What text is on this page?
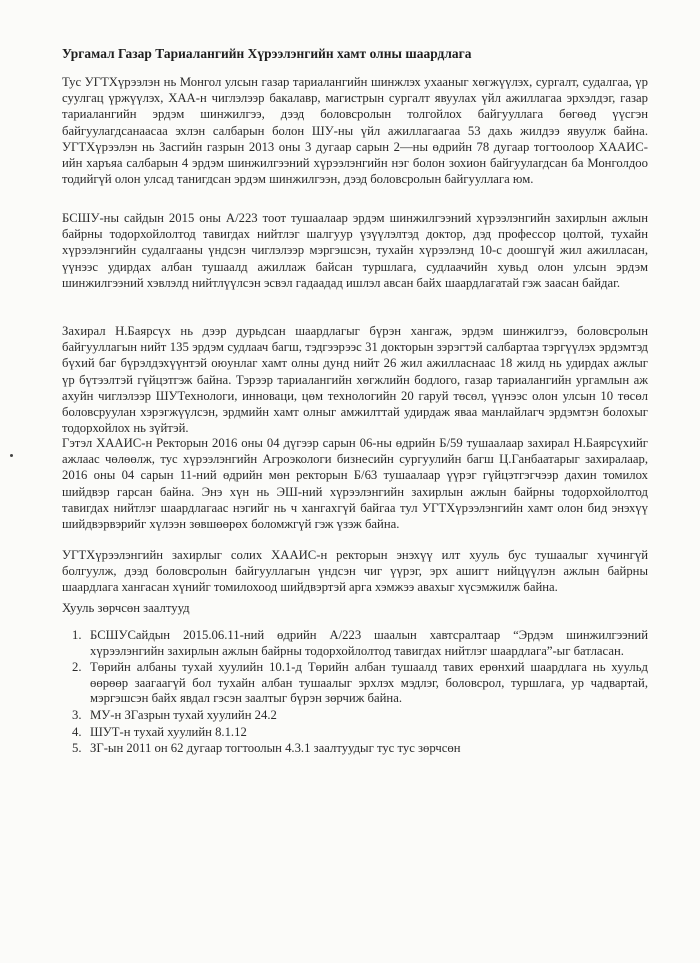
Ургамал Газар Тариалангийн Хүрээлэнгийн хамт олны шаардлага

Тус УГТХүрээлэн нь Монгол улсын газар тариалангийн шинжлэх ухааныг хөгжүүлэх, сургалт, судалгаа, үр суулгац үржүүлэх, ХАА-н чиглэлээр бакалавр, магистрын сургалт явуулах үйл ажиллагаа эрхэлдэг, газар тариалангийн эрдэм шинжилгээ, дээд боловсролын толгойлох байгууллага бөгөөд үүсгэн байгуулагдсанаасаа эхлэн салбарын болон ШУ-ны үйл ажиллагаагаа 53 дахь жилдээ явуулж байна. УГТХүрээлэн нь Засгийн газрын 2013 оны 3 дугаар сарын 2—ны өдрийн 78 дугаар тогтоолоор ХААИС-ийн харъяа салбарын 4 эрдэм шинжилгээний хүрээлэнгийн нэг болон зохион байгуулагдсан ба Монголдоо тодийгүй олон улсад танигдсан эрдэм шинжилгээн, дээд боловсролын байгууллага юм.

БСШУ-ны сайдын 2015 оны А/223 тоот тушаалаар эрдэм шинжилгээний хүрээлэнгийн захирлын ажлын байрны тодорхойлолтод тавигдах нийтлэг шалгуур үзүүлэлтэд доктор, дэд профессор цолтой, тухайн хүрээлэнгийн судалгааны үндсэн чиглэлээр мэргэшсэн, тухайн хүрээлэнд 10-с доошгүй жил ажилласан, үүнээс удирдах албан тушаалд ажиллаж байсан туршлага, судлаачийн хувьд олон улсын эрдэм шинжилгээний хэвлэлд нийтлүүлсэн эсвэл гадаадад ишлэл авсан байх шаардлагатай гэж заасан байдаг.

Захирал Н.Баярсүх нь дээр дурьдсан шаардлагыг бүрэн хангаж, эрдэм шинжилгээ, боловсролын байгууллагын нийт 135 эрдэм судлаач багш, тэдгээрээс 31 докторын зэрэгтэй салбартаа тэргүүлэх эрдэмтэд бүхий баг бүрэлдэхүүнтэй оюунлаг хамт олны дунд нийт 26 жил ажилласнаас 18 жилд нь удирдах ажлыг үр бүтээлтэй гүйцэтгэж байна. Тэрээр тариалангийн хөгжлийн бодлого, газар тариалангийн ургамлын аж ахуйн чиглэлээр ШУТехнологи, инноваци, цөм технологийн 20 гаруй төсөл, үүнээс олон улсын 10 төсөл боловсруулан хэрэгжүүлсэн, эрдмийн хамт олныг амжилттай удирдаж яваа манлайлагч эрдэмтэн болохыг тодорхойлох нь зүйтэй.

Гэтэл ХААИС-н Ректорын 2016 оны 04 дүгээр сарын 06-ны өдрийн Б/59 тушаалаар захирал Н.Баярсүхийг ажлаас чөлөөлж, тус хүрээлэнгийн Агроэкологи бизнесийн сургуулийн багш Ц.Ганбаатарыг захиралаар, 2016 оны 04 сарын 11-ний өдрийн мөн ректорын Б/63 тушаалаар үүрэг гүйцэтгэгчээр дахин томилох шийдвэр гарсан байна. Энэ хүн нь ЭШ-ний хүрээлэнгийн захирлын ажлын байрны тодорхойлолтод тавигдах нийтлэг шаардлагаас нэгийг нь ч хангахгүй байгаа тул УГТХүрээлэнгийн хамт олон бид энэхүү шийдвэрвэрийг хүлээн зөвшөөрөх боломжгүй гэж үзэж байна.

УГТХүрээлэнгийн захирлыг солих ХААИС-н ректорын энэхүү илт хууль бус тушаалыг хүчингүй болгуулж, дээд боловсролын байгууллагын үндсэн чиг үүрэг, эрх ашигт нийцүүлэн ажлын байрны шаардлага хангасан хүнийг томилохоод шийдвэртэй арга хэмжээ авахыг хүсэмжилж байна.

Хууль зөрчсөн заалтууд
1. БСШУСайдын 2015.06.11-ний өдрийн А/223 шаалын хавтсралтаар “Эрдэм шинжилгээний хүрээлэнгийн захирлын ажлын байрны тодорхойлолтод тавигдах нийтлэг шаардлага”-ыг батласан.
2. Төрийн албаны тухай хуулийн 10.1-д Төрийн албан тушаалд тавих ерөнхий шаардлага нь хуульд өөрөөр заагаагүй бол тухайн албан тушаалыг эрхлэх мэдлэг, боловсрол, туршлага, ур чадвартай, мэргэшсэн байх явдал гэсэн заалтыг бүрэн зөрчиж байна.
3. МУ-н ЗГазрын тухай хуулийн 24.2
4. ШУТ-н тухай хуулийн 8.1.12
5. ЗГ-ын 2011 он 62 дугаар тогтоолын 4.3.1 заалтуудыг тус тус зөрчсөн
